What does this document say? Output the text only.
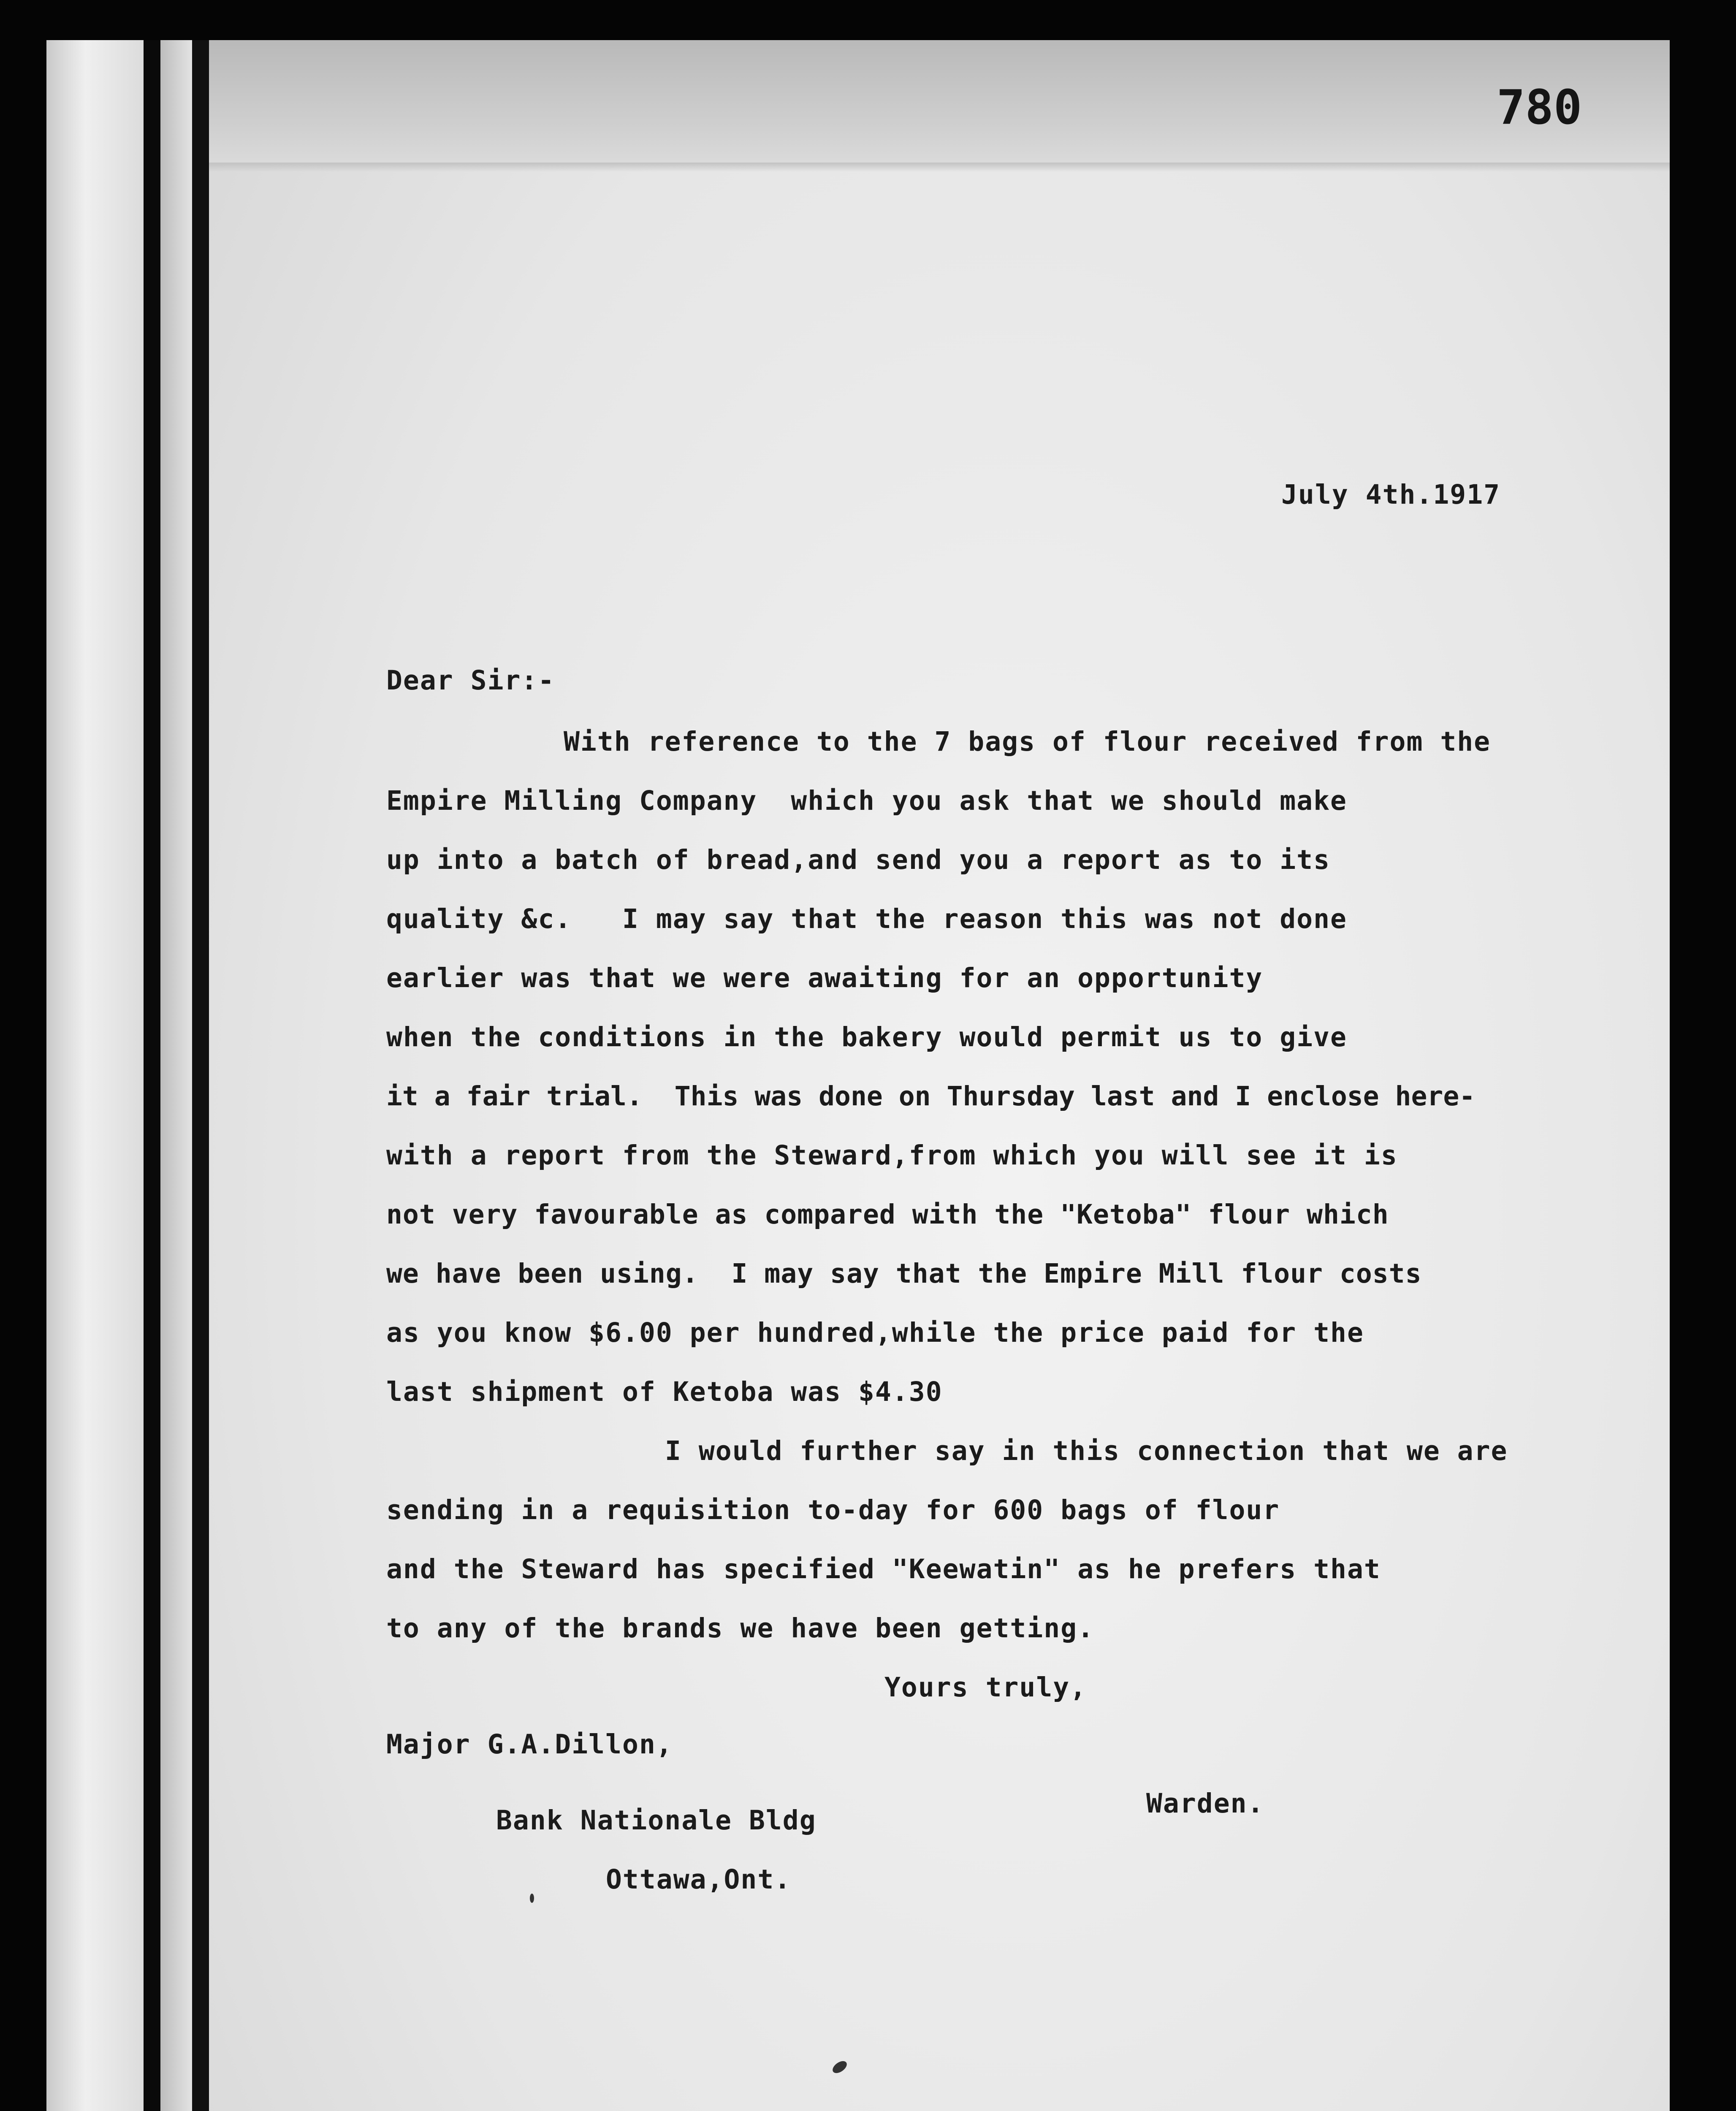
780
July 4th.1917
Dear Sir:-
With reference to the 7 bags of flour received from the
Empire Milling Company  which you ask that we should make
up into a batch of bread,and send you a report as to its
quality &c.   I may say that the reason this was not done
earlier was that we were awaiting for an opportunity
when the conditions in the bakery would permit us to give
it a fair trial.  This was done on Thursday last and I enclose here-
with a report from the Steward,from which you will see it is
not very favourable as compared with the "Ketoba" flour which
we have been using.  I may say that the Empire Mill flour costs
as you know $6.00 per hundred,while the price paid for the
last shipment of Ketoba was $4.30
I would further say in this connection that we are
sending in a requisition to-day for 600 bags of flour
and the Steward has specified "Keewatin" as he prefers that
to any of the brands we have been getting.
Yours truly,
Major G.A.Dillon,
Warden.
Bank Nationale Bldg
Ottawa,Ont.
